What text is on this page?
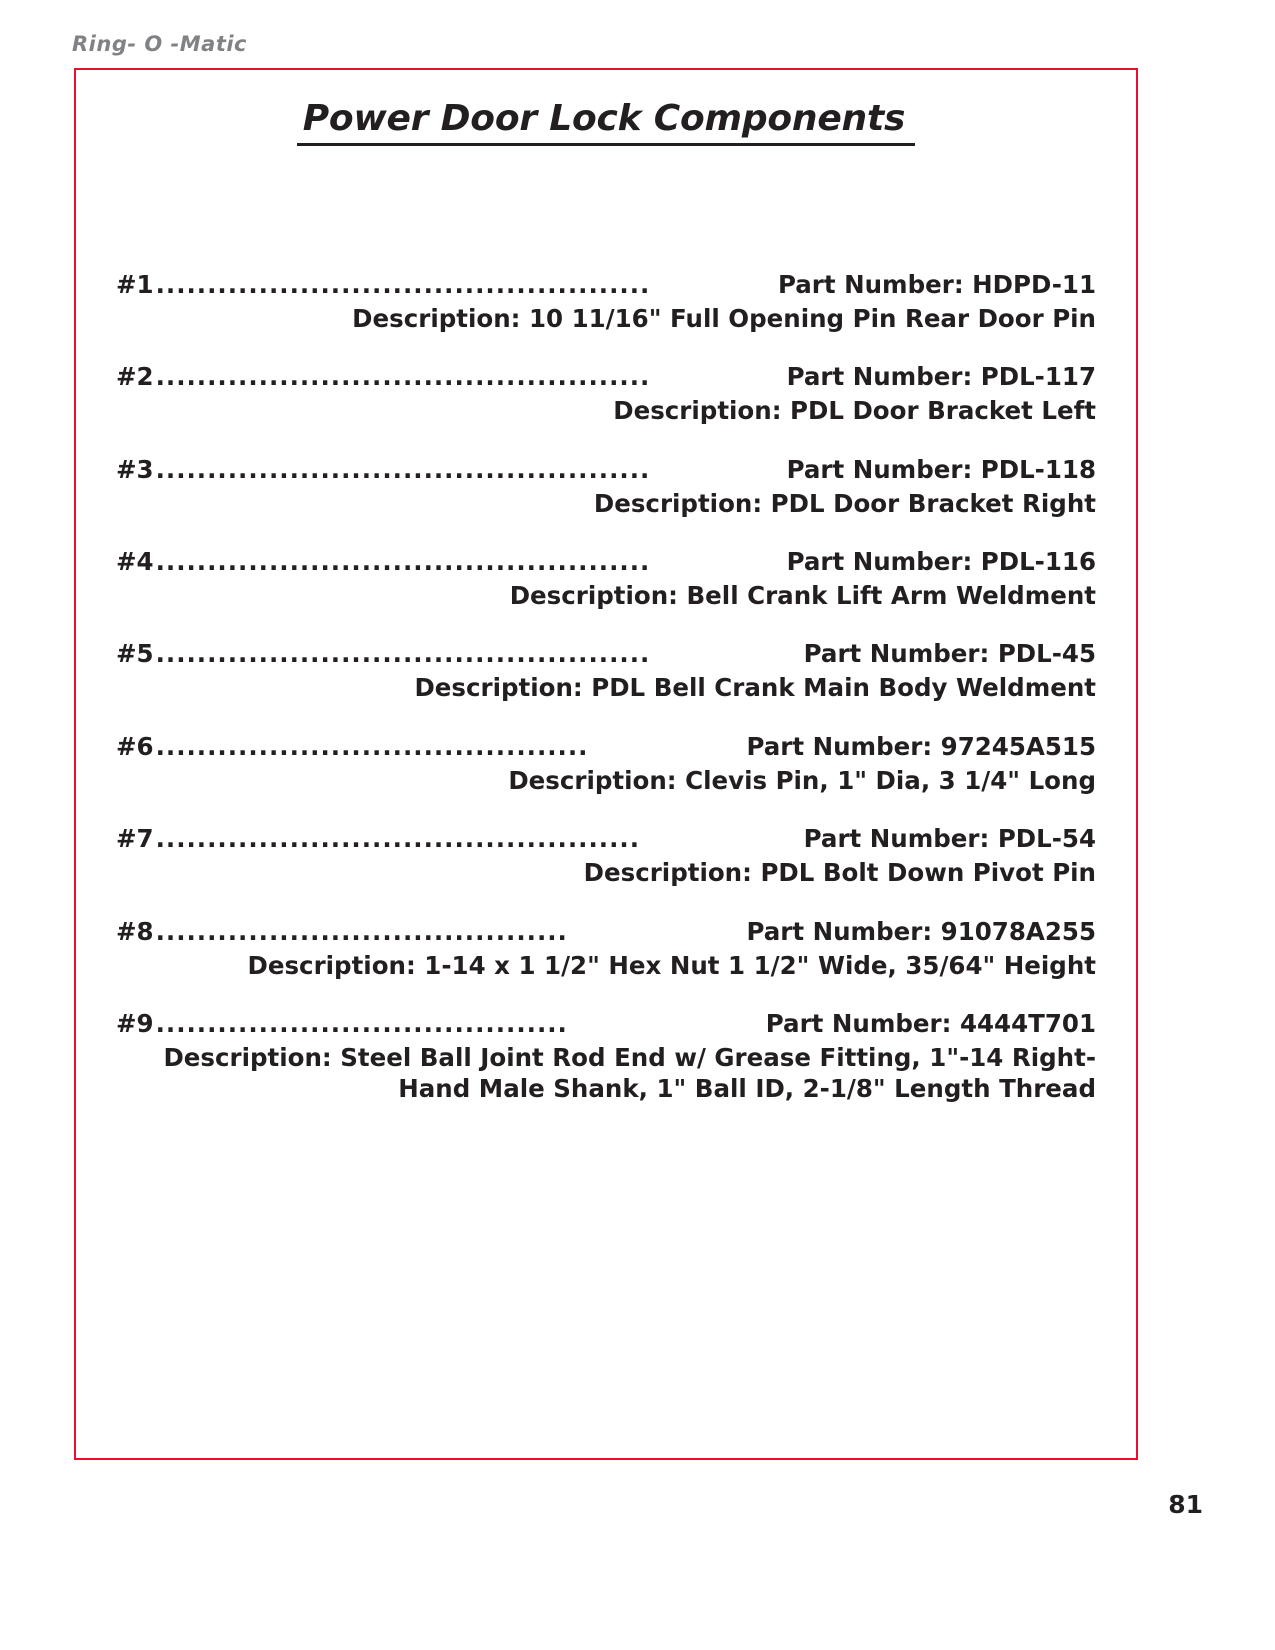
Ring- O -Matic
Power Door Lock Components
#1 ................................................	Part Number: HDPD-11
Description: 10 11/16" Full Opening Pin Rear Door Pin
#2 ................................................	Part Number: PDL-117
Description: PDL Door Bracket Left
#3 ................................................	Part Number: PDL-118
Description: PDL Door Bracket Right
#4 ................................................	Part Number: PDL-116
Description: Bell Crank Lift Arm Weldment
#5 ................................................	Part Number: PDL-45
Description: PDL Bell Crank Main Body Weldment
#6 ..........................................	Part Number: 97245A515
Description: Clevis Pin, 1" Dia, 3 1/4" Long
#7 ...............................................	Part Number: PDL-54
Description: PDL Bolt Down Pivot Pin
#8 ........................................	Part Number: 91078A255
Description: 1-14 x 1 1/2" Hex Nut 1 1/2" Wide, 35/64" Height
#9 ........................................	Part Number: 4444T701
Description: Steel Ball Joint Rod End w/ Grease Fitting, 1"-14 Right-Hand Male Shank, 1" Ball ID, 2-1/8" Length Thread
81
